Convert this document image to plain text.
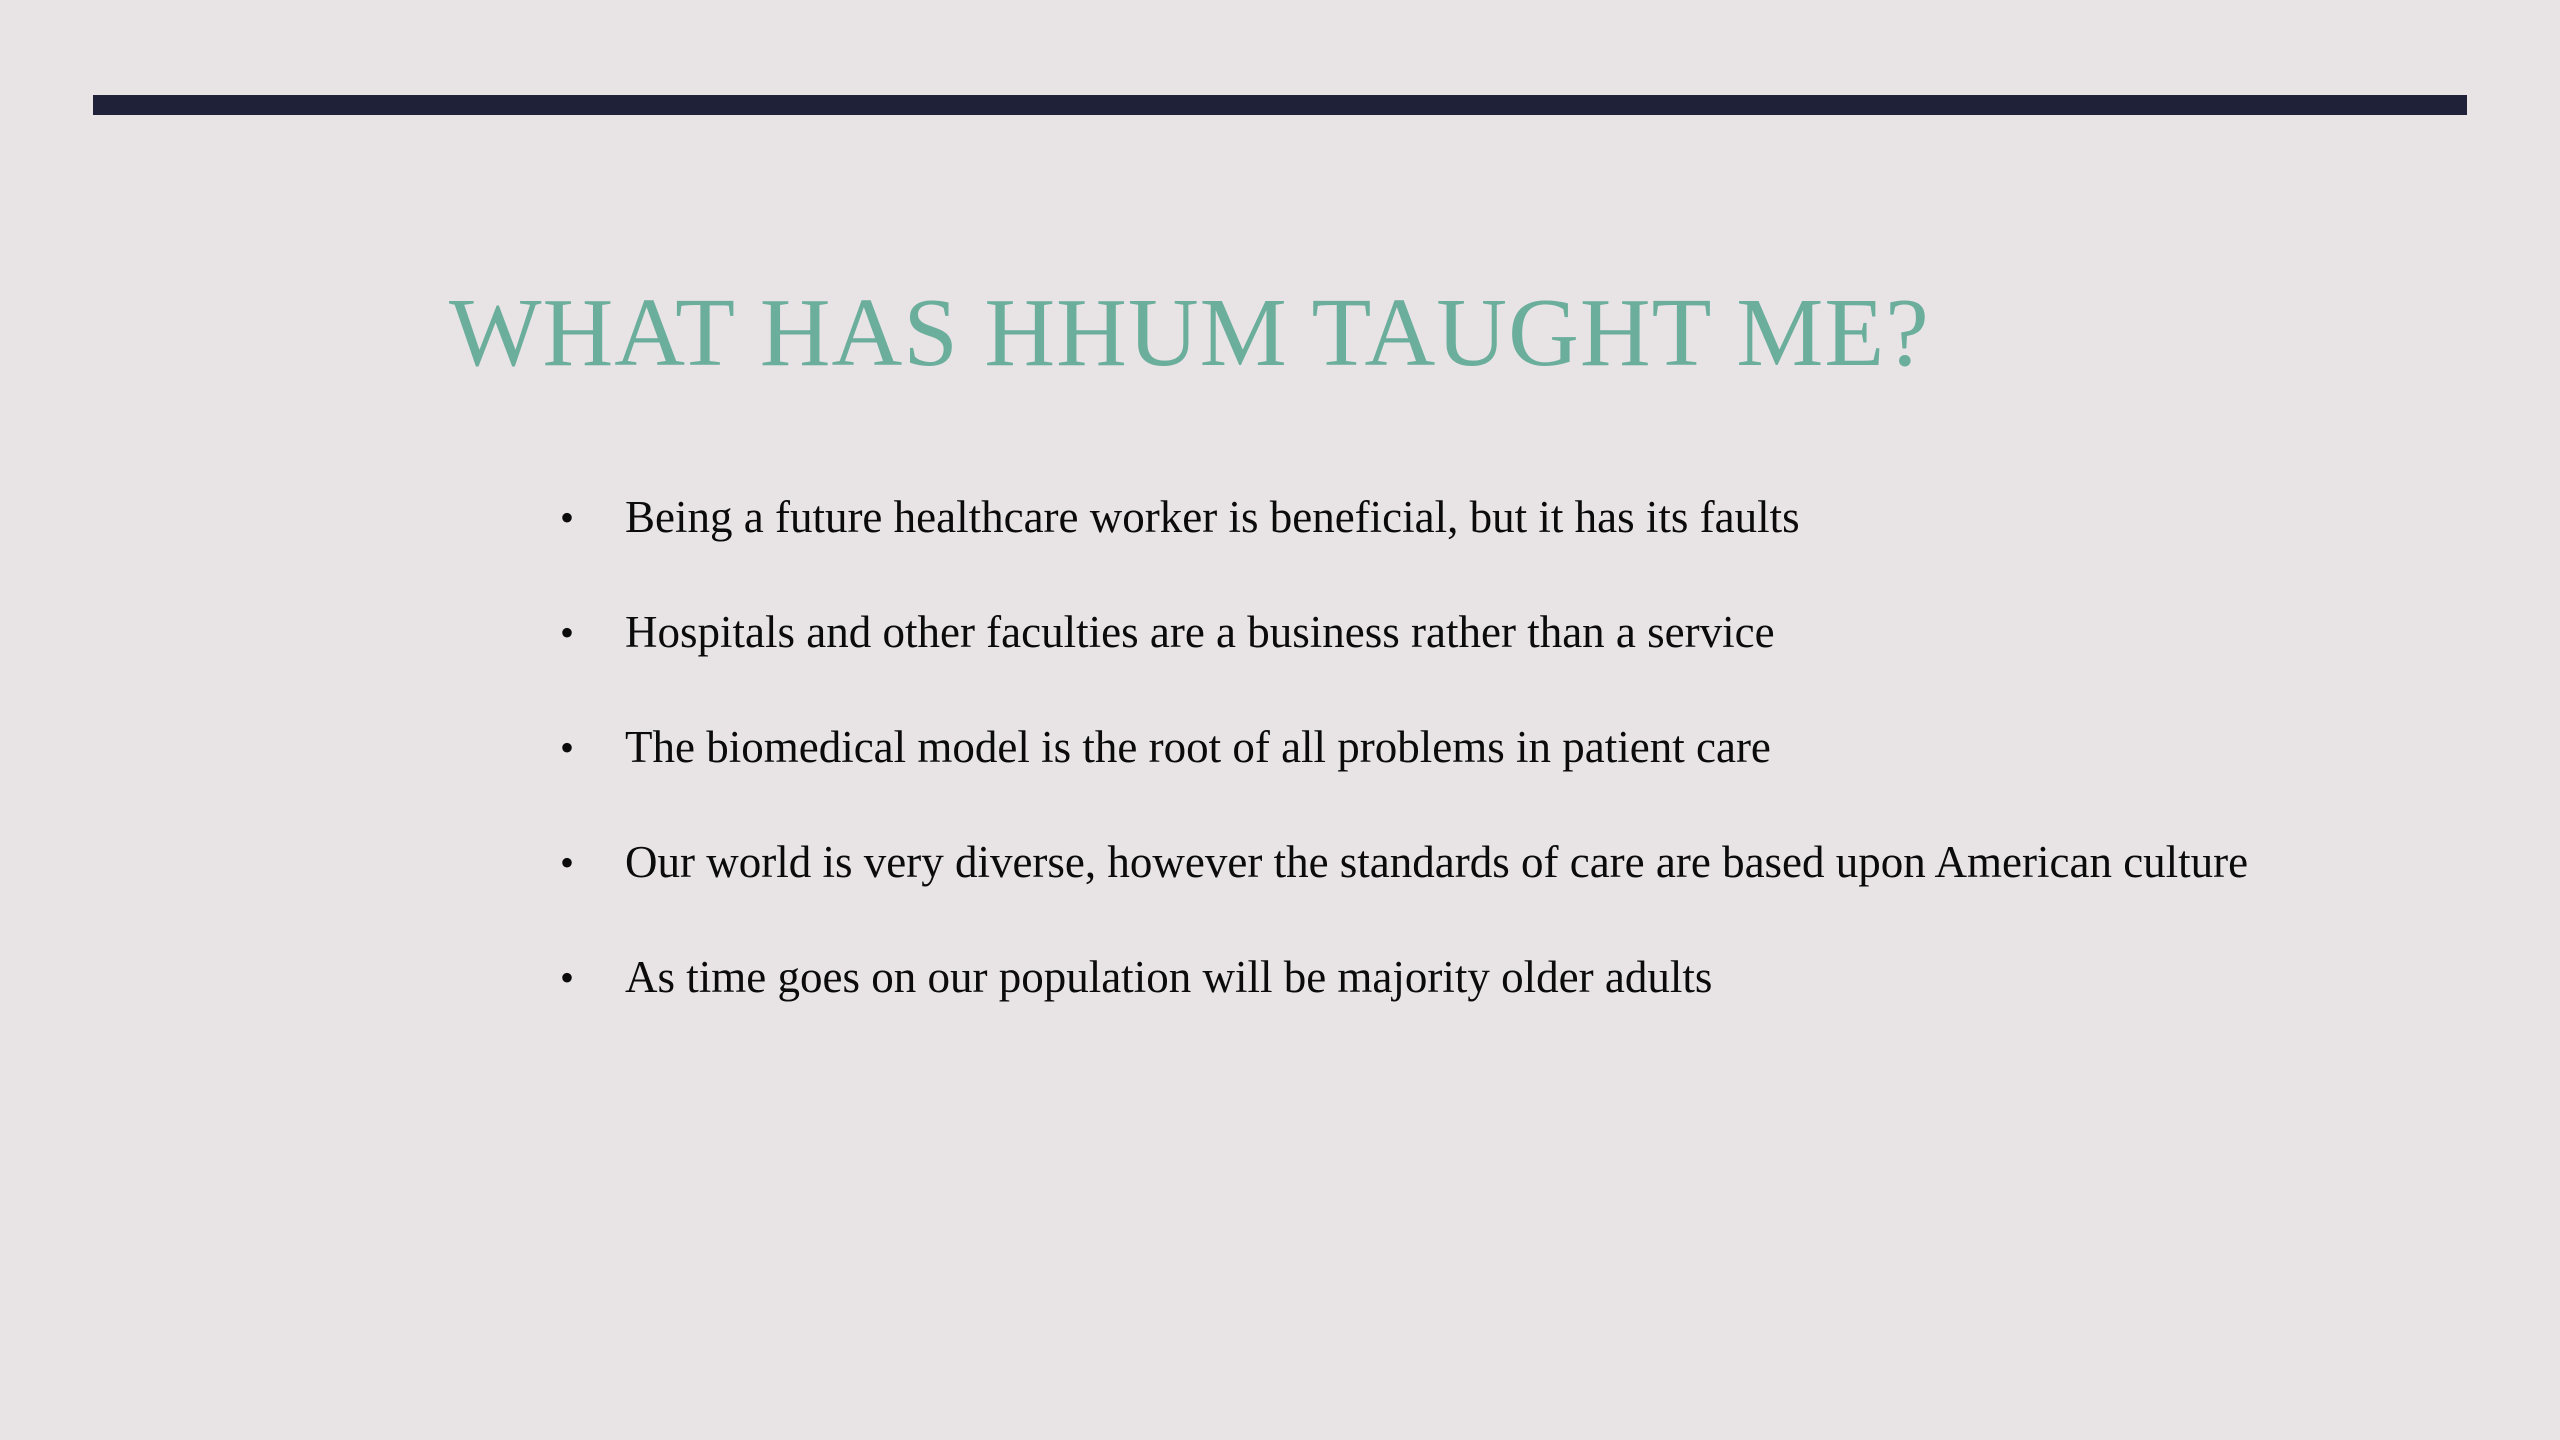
WHAT HAS HHUM TAUGHT ME?
• Being a future healthcare worker is beneficial, but it has its faults
• Hospitals and other faculties are a business rather than a service
• The biomedical model is the root of all problems in patient care
• Our world is very diverse, however the standards of care are based upon American culture
• As time goes on our population will be majority older adults
